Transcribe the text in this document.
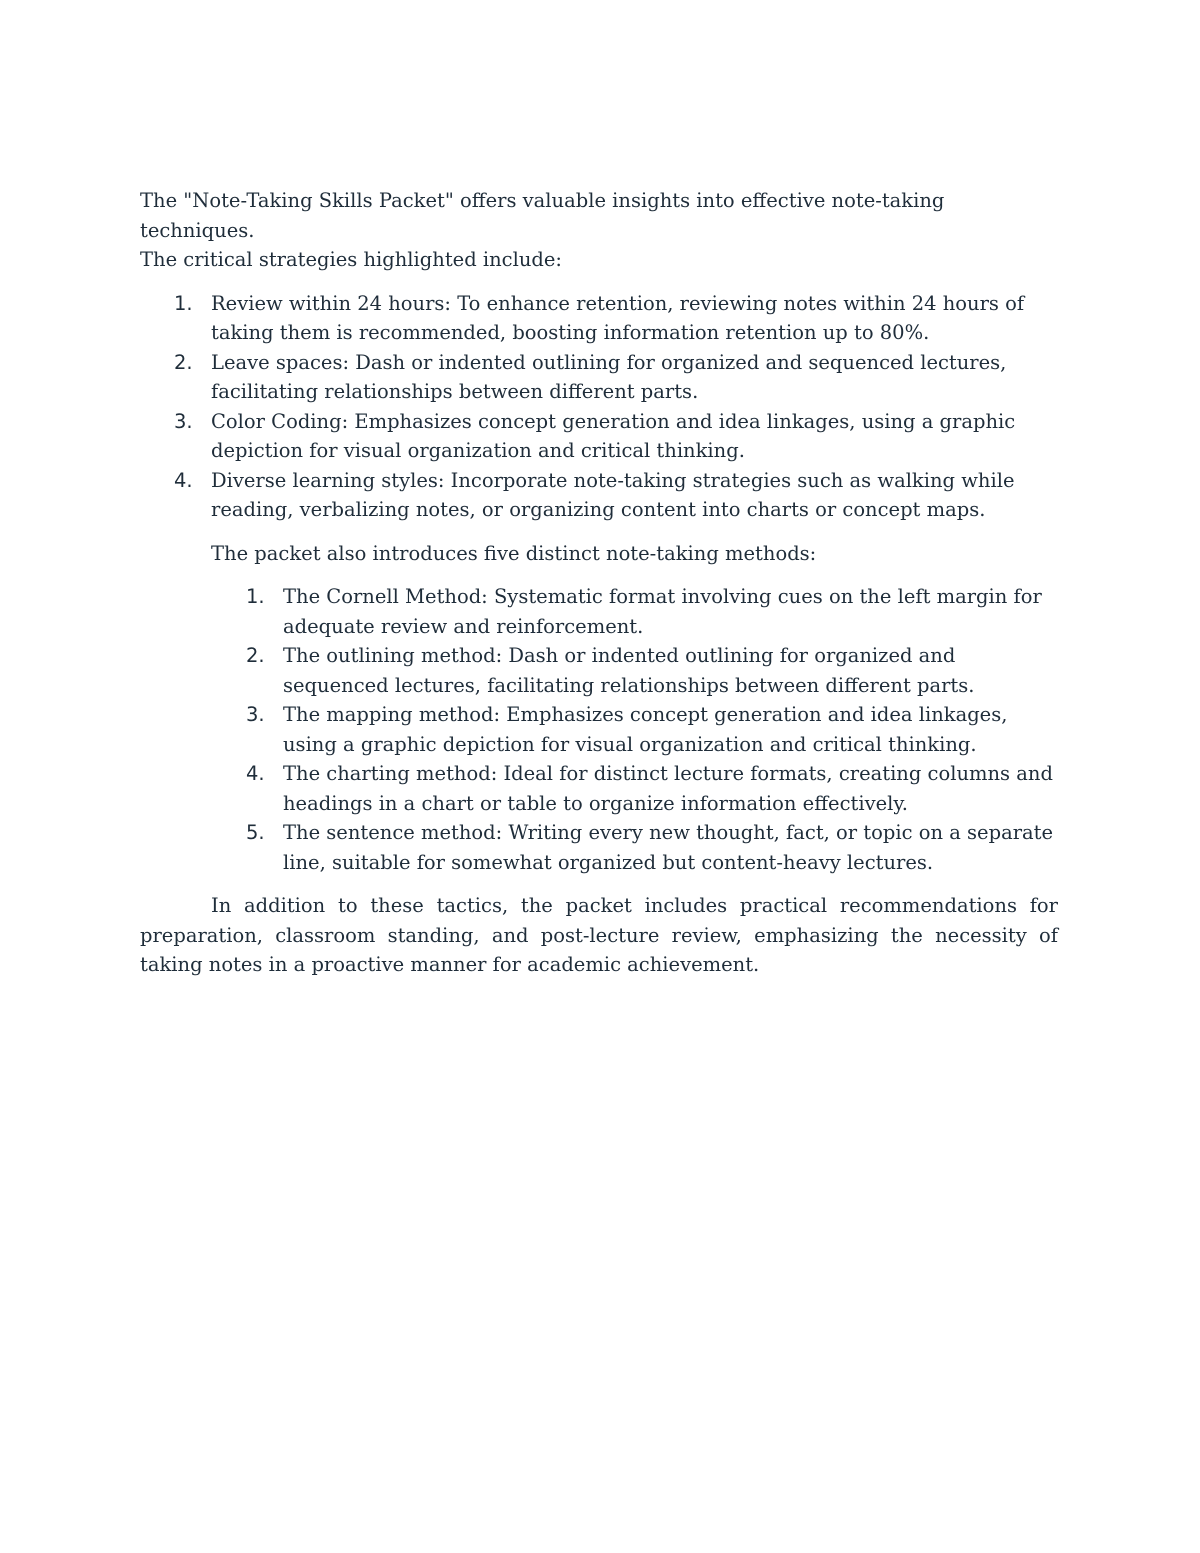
The "Note-Taking Skills Packet" offers valuable insights into effective note-taking techniques.
The critical strategies highlighted include:

1. Review within 24 hours: To enhance retention, reviewing notes within 24 hours of taking them is recommended, boosting information retention up to 80%.
2. Leave spaces: Dash or indented outlining for organized and sequenced lectures, facilitating relationships between different parts.
3. Color Coding: Emphasizes concept generation and idea linkages, using a graphic depiction for visual organization and critical thinking.
4. Diverse learning styles: Incorporate note-taking strategies such as walking while reading, verbalizing notes, or organizing content into charts or concept maps.

The packet also introduces five distinct note-taking methods:

1. The Cornell Method: Systematic format involving cues on the left margin for adequate review and reinforcement.
2. The outlining method: Dash or indented outlining for organized and sequenced lectures, facilitating relationships between different parts.
3. The mapping method: Emphasizes concept generation and idea linkages, using a graphic depiction for visual organization and critical thinking.
4. The charting method: Ideal for distinct lecture formats, creating columns and headings in a chart or table to organize information effectively.
5. The sentence method: Writing every new thought, fact, or topic on a separate line, suitable for somewhat organized but content-heavy lectures.

In addition to these tactics, the packet includes practical recommendations for preparation, classroom standing, and post-lecture review, emphasizing the necessity of taking notes in a proactive manner for academic achievement.
